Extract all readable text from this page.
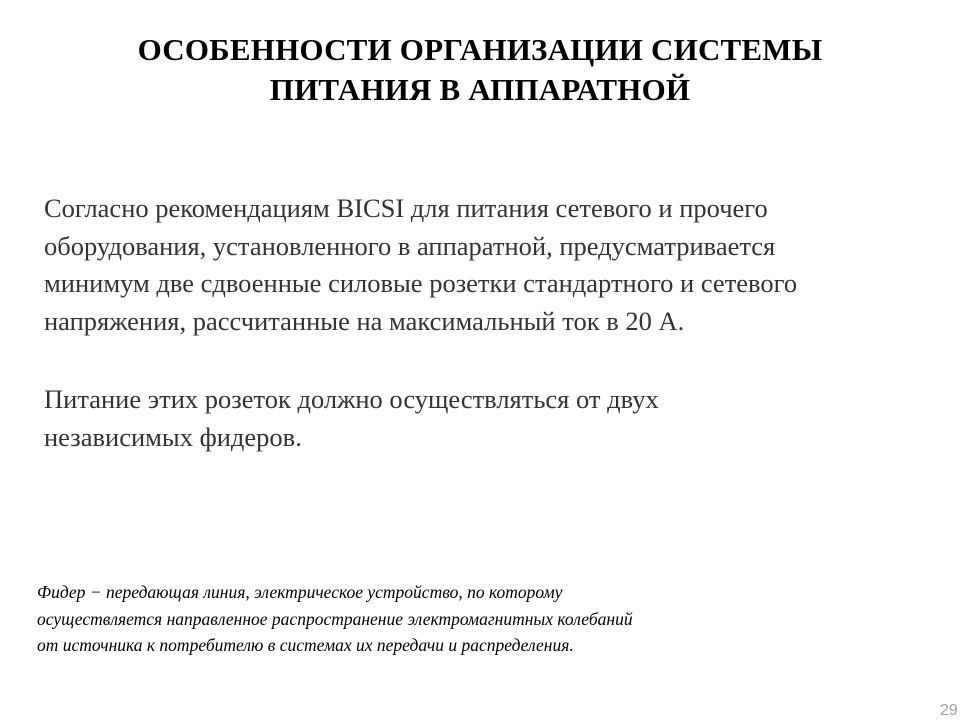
ОСОБЕННОСТИ ОРГАНИЗАЦИИ СИСТЕМЫ
ПИТАНИЯ В АППАРАТНОЙ
Согласно рекомендациям BICSI для питания сетевого и прочего
оборудования, установленного в аппаратной, предусматривается
минимум две сдвоенные силовые розетки стандартного и сетевого
напряжения, рассчитанные на максимальный ток в 20 А.
Питание этих розеток должно осуществляться от двух
независимых фидеров.
Фидер − передающая линия, электрическое устройство, по которому
осуществляется направленное распространение электромагнитных колебаний
от источника к потребителю в системах их передачи и распределения.
29
